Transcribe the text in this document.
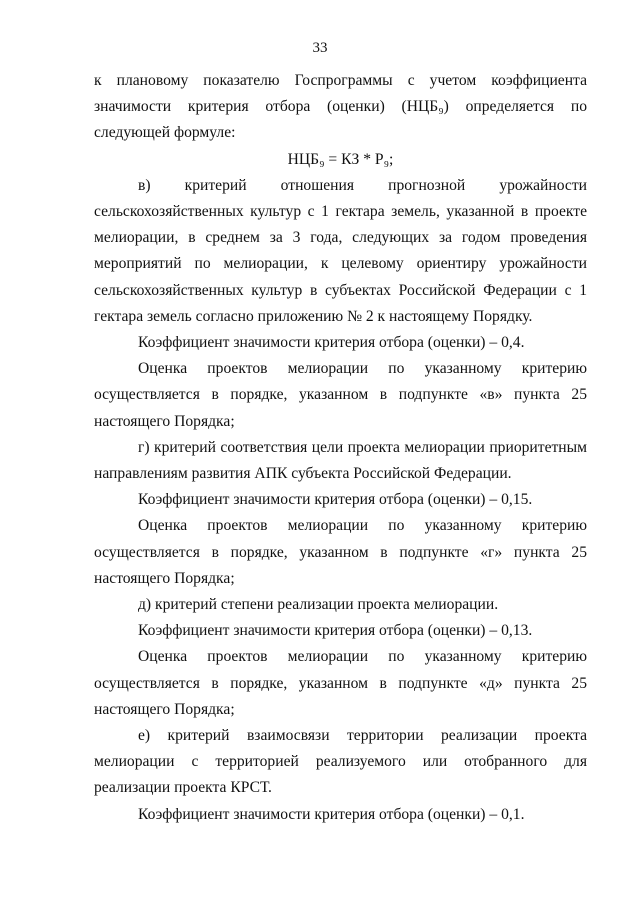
33

к плановому показателю Госпрограммы с учетом коэффициента значимости критерия отбора (оценки) (НЦБ₉) определяется по следующей формуле:

НЦБ₉ = КЗ * Р₉;

в) критерий отношения прогнозной урожайности сельскохозяйственных культур с 1 гектара земель, указанной в проекте мелиорации, в среднем за 3 года, следующих за годом проведения мероприятий по мелиорации, к целевому ориентиру урожайности сельскохозяйственных культур в субъектах Российской Федерации с 1 гектара земель согласно приложению № 2 к настоящему Порядку.

Коэффициент значимости критерия отбора (оценки) – 0,4.

Оценка проектов мелиорации по указанному критерию осуществляется в порядке, указанном в подпункте «в» пункта 25 настоящего Порядка;

г) критерий соответствия цели проекта мелиорации приоритетным направлениям развития АПК субъекта Российской Федерации.

Коэффициент значимости критерия отбора (оценки) – 0,15.

Оценка проектов мелиорации по указанному критерию осуществляется в порядке, указанном в подпункте «г» пункта 25 настоящего Порядка;

д) критерий степени реализации проекта мелиорации.

Коэффициент значимости критерия отбора (оценки) – 0,13.

Оценка проектов мелиорации по указанному критерию осуществляется в порядке, указанном в подпункте «д» пункта 25 настоящего Порядка;

е) критерий взаимосвязи территории реализации проекта мелиорации с территорией реализуемого или отобранного для реализации проекта КРСТ.

Коэффициент значимости критерия отбора (оценки) – 0,1.
